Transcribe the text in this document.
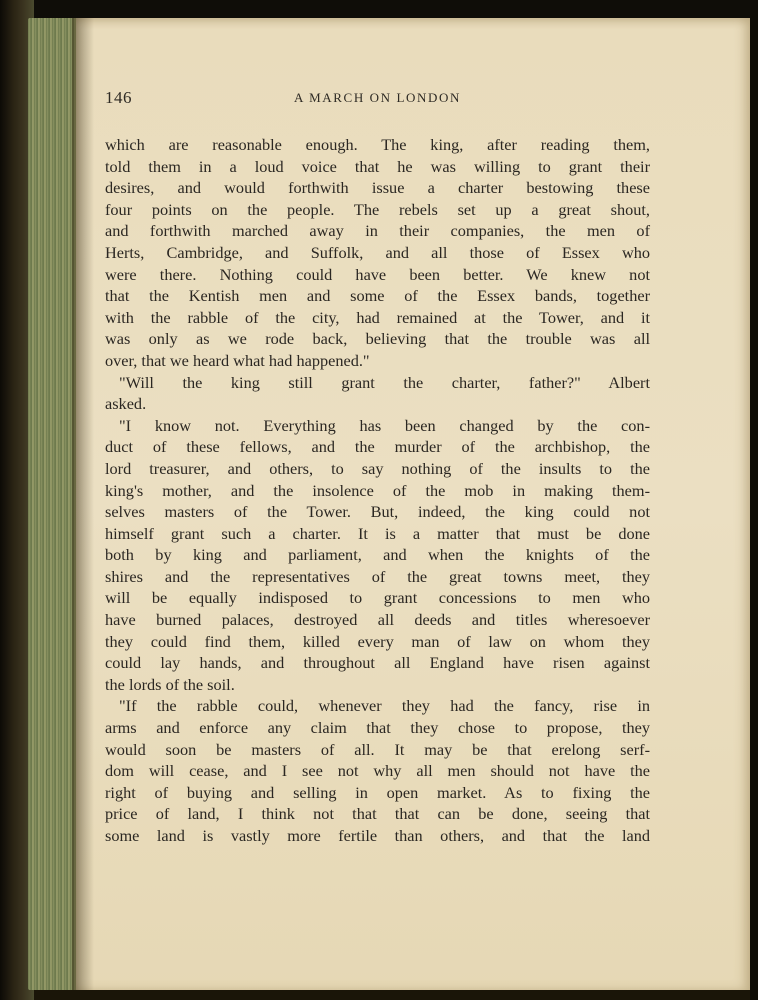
146	A MARCH ON LONDON
which are reasonable enough. The king, after reading them,
told them in a loud voice that he was willing to grant their
desires, and would forthwith issue a charter bestowing these
four points on the people. The rebels set up a great shout,
and forthwith marched away in their companies, the men of
Herts, Cambridge, and Suffolk, and all those of Essex who
were there. Nothing could have been better. We knew not
that the Kentish men and some of the Essex bands, together
with the rabble of the city, had remained at the Tower, and it
was only as we rode back, believing that the trouble was all
over, that we heard what had happened."
"Will the king still grant the charter, father?" Albert
asked.
"I know not. Everything has been changed by the con-
duct of these fellows, and the murder of the archbishop, the
lord treasurer, and others, to say nothing of the insults to the
king's mother, and the insolence of the mob in making them-
selves masters of the Tower. But, indeed, the king could not
himself grant such a charter. It is a matter that must be done
both by king and parliament, and when the knights of the
shires and the representatives of the great towns meet, they
will be equally indisposed to grant concessions to men who
have burned palaces, destroyed all deeds and titles wheresoever
they could find them, killed every man of law on whom they
could lay hands, and throughout all England have risen against
the lords of the soil.
"If the rabble could, whenever they had the fancy, rise in
arms and enforce any claim that they chose to propose, they
would soon be masters of all. It may be that erelong serf-
dom will cease, and I see not why all men should not have the
right of buying and selling in open market. As to fixing the
price of land, I think not that that can be done, seeing that
some land is vastly more fertile than others, and that the land
